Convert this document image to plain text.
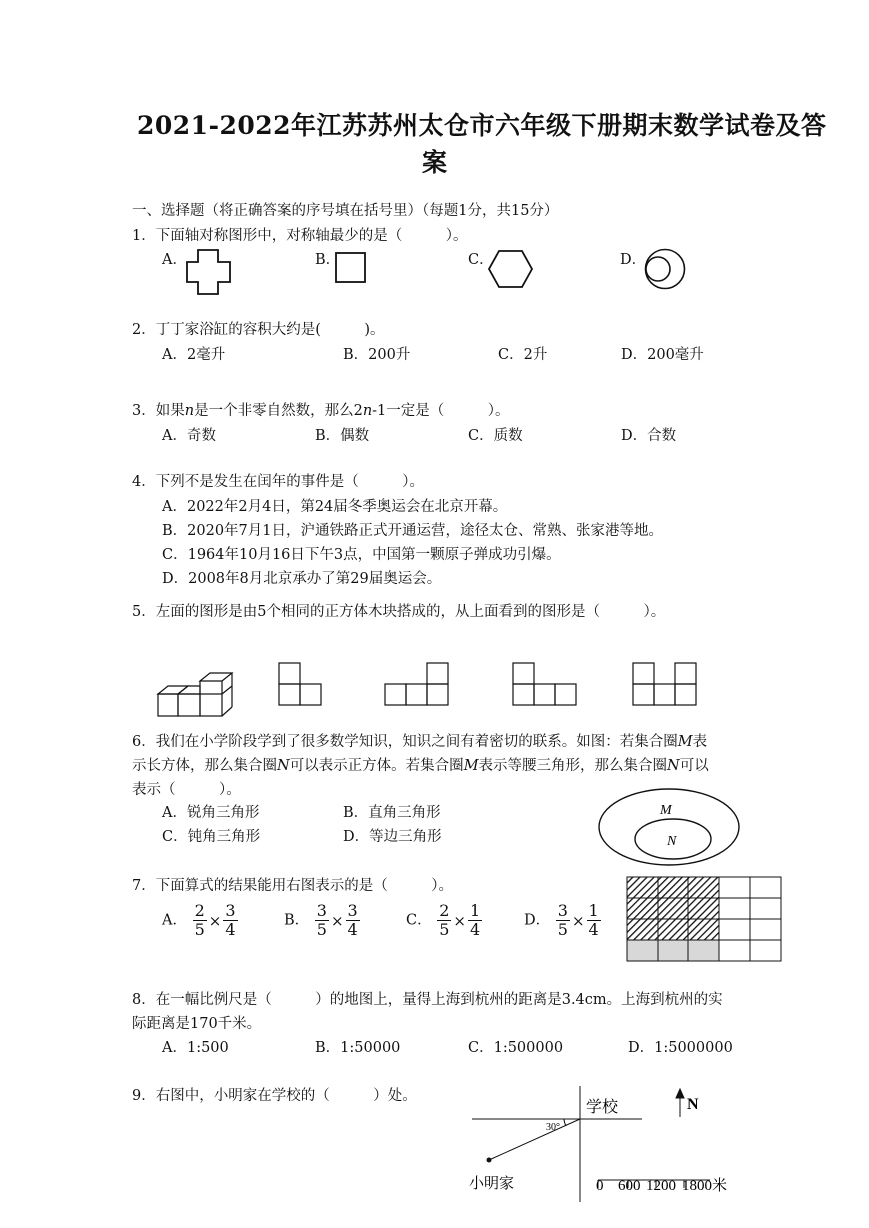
2021-2022年江苏苏州太仓市六年级下册期末数学试卷及答
案
一、选择题（将正确答案的序号填在括号里）（每题1分，共15分）
1．下面轴对称图形中，对称轴最少的是（　　　）。
A．	B．	C．	D．
2．丁丁家浴缸的容积大约是(　　　)。
A．2毫升	B．200升	C．2升	D．200毫升
3．如果n是一个非零自然数，那么2n-1一定是（　　　）。
A．奇数	B．偶数	C．质数	D．合数
4．下列不是发生在闰年的事件是（　　　）。
A．2022年2月4日，第24届冬季奥运会在北京开幕。
B．2020年7月1日，沪通铁路正式开通运营，途径太仓、常熟、张家港等地。
C．1964年10月16日下午3点，中国第一颗原子弹成功引爆。
D．2008年8月北京承办了第29届奥运会。
5．左面的图形是由5个相同的正方体木块搭成的，从上面看到的图形是（　　　）。
6．我们在小学阶段学到了很多数学知识，知识之间有着密切的联系。如图：若集合圈M表
示长方体，那么集合圈N可以表示正方体。若集合圈M表示等腰三角形，那么集合圈N可以
表示（　　　）。
A．锐角三角形	B．直角三角形
C．钝角三角形	D．等边三角形
M
N
7．下面算式的结果能用右图表示的是（　　　）。
A． $\frac{2}{5} \times \frac{3}{4}$	B． $\frac{3}{5} \times \frac{3}{4}$	C． $\frac{2}{5} \times \frac{1}{4}$	D． $\frac{3}{5} \times \frac{1}{4}$
8．在一幅比例尺是（　　　）的地图上，量得上海到杭州的距离是3.4cm。上海到杭州的实
际距离是170千米。
A．1:500	B．1:50000	C．1:500000	D．1:5000000
9．右图中，小明家在学校的（　　　）处。
学校
30°
N
小明家	0 600 1200 1800米
